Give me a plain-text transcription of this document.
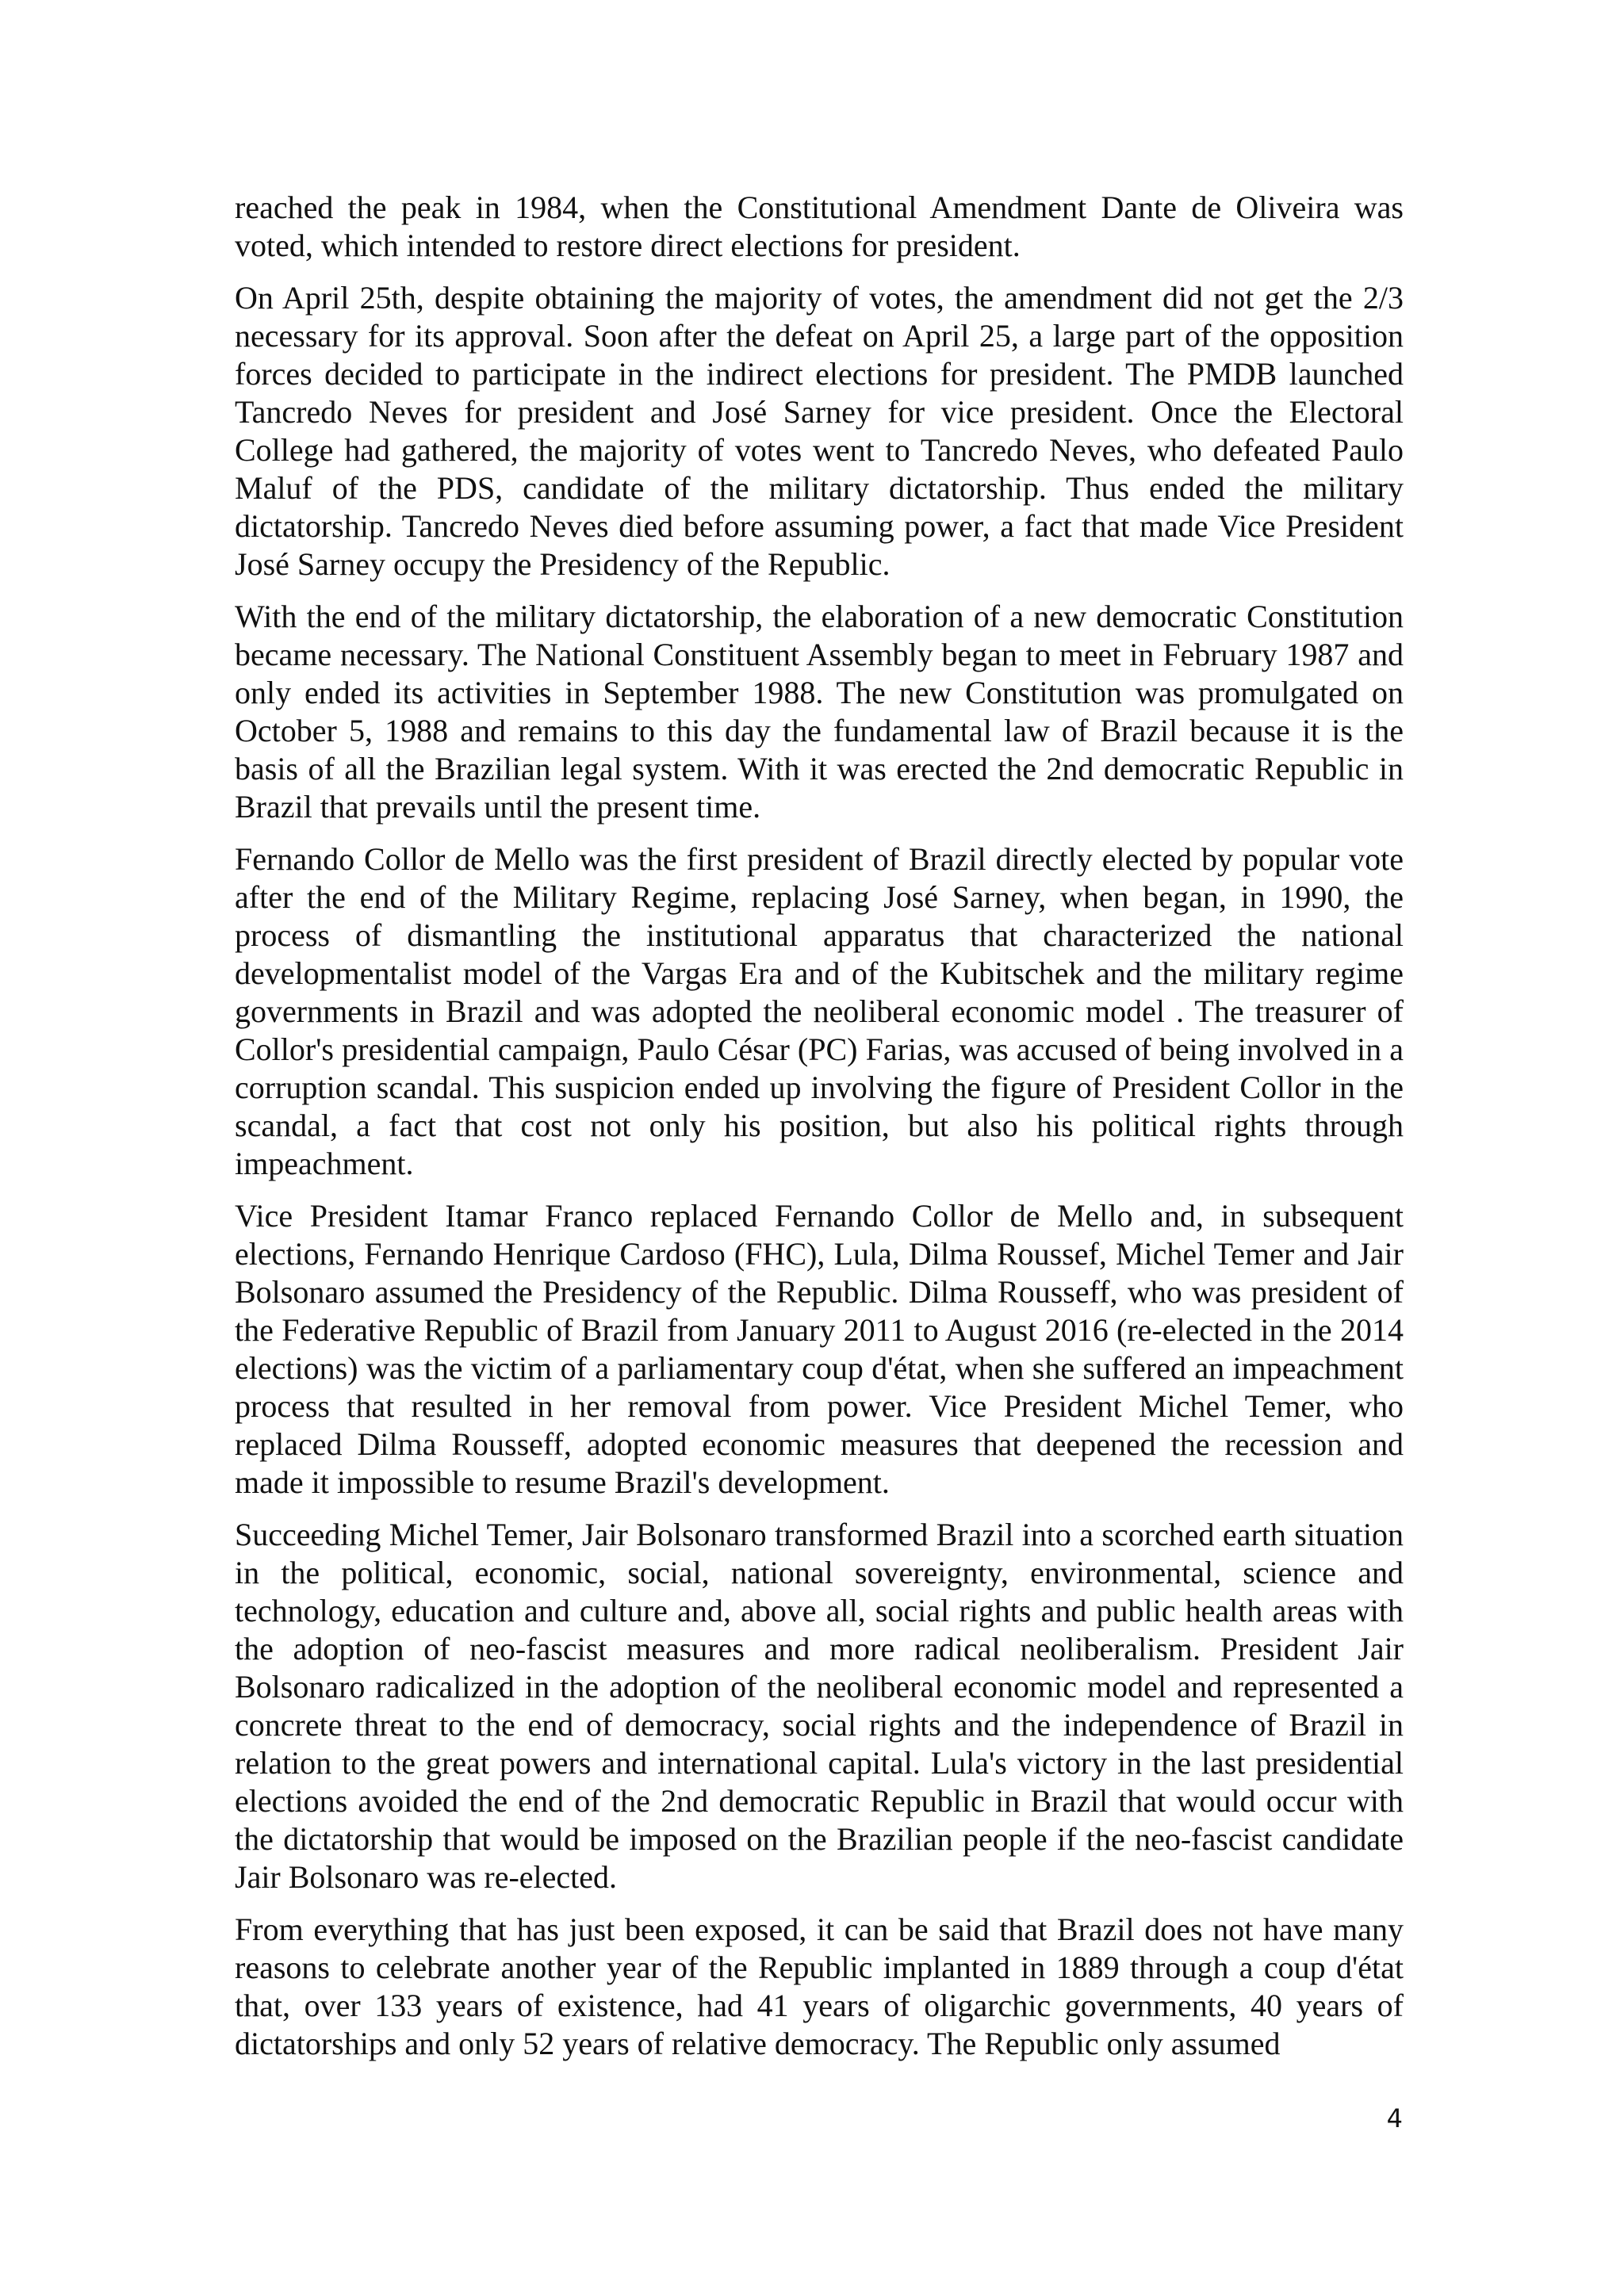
reached the peak in 1984, when the Constitutional Amendment Dante de Oliveira was voted, which intended to restore direct elections for president.

On April 25th, despite obtaining the majority of votes, the amendment did not get the 2/3 necessary for its approval. Soon after the defeat on April 25, a large part of the opposition forces decided to participate in the indirect elections for president. The PMDB launched Tancredo Neves for president and José Sarney for vice president. Once the Electoral College had gathered, the majority of votes went to Tancredo Neves, who defeated Paulo Maluf of the PDS, candidate of the military dictatorship. Thus ended the military dictatorship. Tancredo Neves died before assuming power, a fact that made Vice President José Sarney occupy the Presidency of the Republic.

With the end of the military dictatorship, the elaboration of a new democratic Constitution became necessary. The National Constituent Assembly began to meet in February 1987 and only ended its activities in September 1988. The new Constitution was promulgated on October 5, 1988 and remains to this day the fundamental law of Brazil because it is the basis of all the Brazilian legal system. With it was erected the 2nd democratic Republic in Brazil that prevails until the present time.

Fernando Collor de Mello was the first president of Brazil directly elected by popular vote after the end of the Military Regime, replacing José Sarney, when began, in 1990, the process of dismantling the institutional apparatus that characterized the national developmentalist model of the Vargas Era and of the Kubitschek and the military regime governments in Brazil and was adopted the neoliberal economic model . The treasurer of Collor's presidential campaign, Paulo César (PC) Farias, was accused of being involved in a corruption scandal. This suspicion ended up involving the figure of President Collor in the scandal, a fact that cost not only his position, but also his political rights through impeachment.

Vice President Itamar Franco replaced Fernando Collor de Mello and, in subsequent elections, Fernando Henrique Cardoso (FHC), Lula, Dilma Roussef, Michel Temer and Jair Bolsonaro assumed the Presidency of the Republic. Dilma Rousseff, who was president of the Federative Republic of Brazil from January 2011 to August 2016 (re-elected in the 2014 elections) was the victim of a parliamentary coup d'état, when she suffered an impeachment process that resulted in her removal from power. Vice President Michel Temer, who replaced Dilma Rousseff, adopted economic measures that deepened the recession and made it impossible to resume Brazil's development.

Succeeding Michel Temer, Jair Bolsonaro transformed Brazil into a scorched earth situation in the political, economic, social, national sovereignty, environmental, science and technology, education and culture and, above all, social rights and public health areas with the adoption of neo-fascist measures and more radical neoliberalism. President Jair Bolsonaro radicalized in the adoption of the neoliberal economic model and represented a concrete threat to the end of democracy, social rights and the independence of Brazil in relation to the great powers and international capital. Lula's victory in the last presidential elections avoided the end of the 2nd democratic Republic in Brazil that would occur with the dictatorship that would be imposed on the Brazilian people if the neo-fascist candidate Jair Bolsonaro was re-elected.

From everything that has just been exposed, it can be said that Brazil does not have many reasons to celebrate another year of the Republic implanted in 1889 through a coup d'état that, over 133 years of existence, had 41 years of oligarchic governments, 40 years of dictatorships and only 52 years of relative democracy. The Republic only assumed

4
